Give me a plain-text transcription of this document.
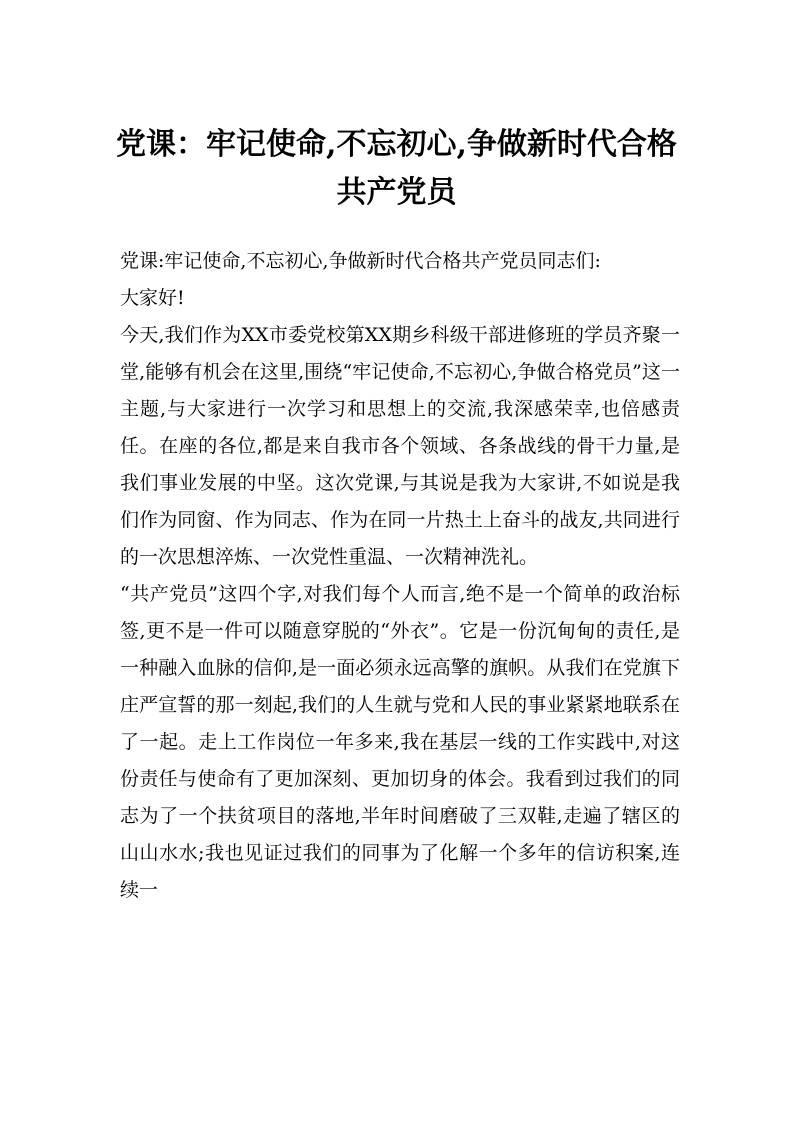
党课：牢记使命,不忘初心,争做新时代合格
共产党员

党课:牢记使命,不忘初心,争做新时代合格共产党员同志们:

大家好!

今天,我们作为XX市委党校第XX期乡科级干部进修班的学员齐聚一堂,能够有机会在这里,围绕“牢记使命,不忘初心,争做合格党员”这一主题,与大家进行一次学习和思想上的交流,我深感荣幸,也倍感责任。在座的各位,都是来自我市各个领域、各条战线的骨干力量,是我们事业发展的中坚。这次党课,与其说是我为大家讲,不如说是我们作为同窗、作为同志、作为在同一片热土上奋斗的战友,共同进行的一次思想淬炼、一次党性重温、一次精神洗礼。

“共产党员”这四个字,对我们每个人而言,绝不是一个简单的政治标签,更不是一件可以随意穿脱的“外衣”。它是一份沉甸甸的责任,是一种融入血脉的信仰,是一面必须永远高擎的旗帜。从我们在党旗下庄严宣誓的那一刻起,我们的人生就与党和人民的事业紧紧地联系在了一起。走上工作岗位一年多来,我在基层一线的工作实践中,对这份责任与使命有了更加深刻、更加切身的体会。我看到过我们的同志为了一个扶贫项目的落地,半年时间磨破了三双鞋,走遍了辖区的山山水水;我也见证过我们的同事为了化解一个多年的信访积案,连续一
